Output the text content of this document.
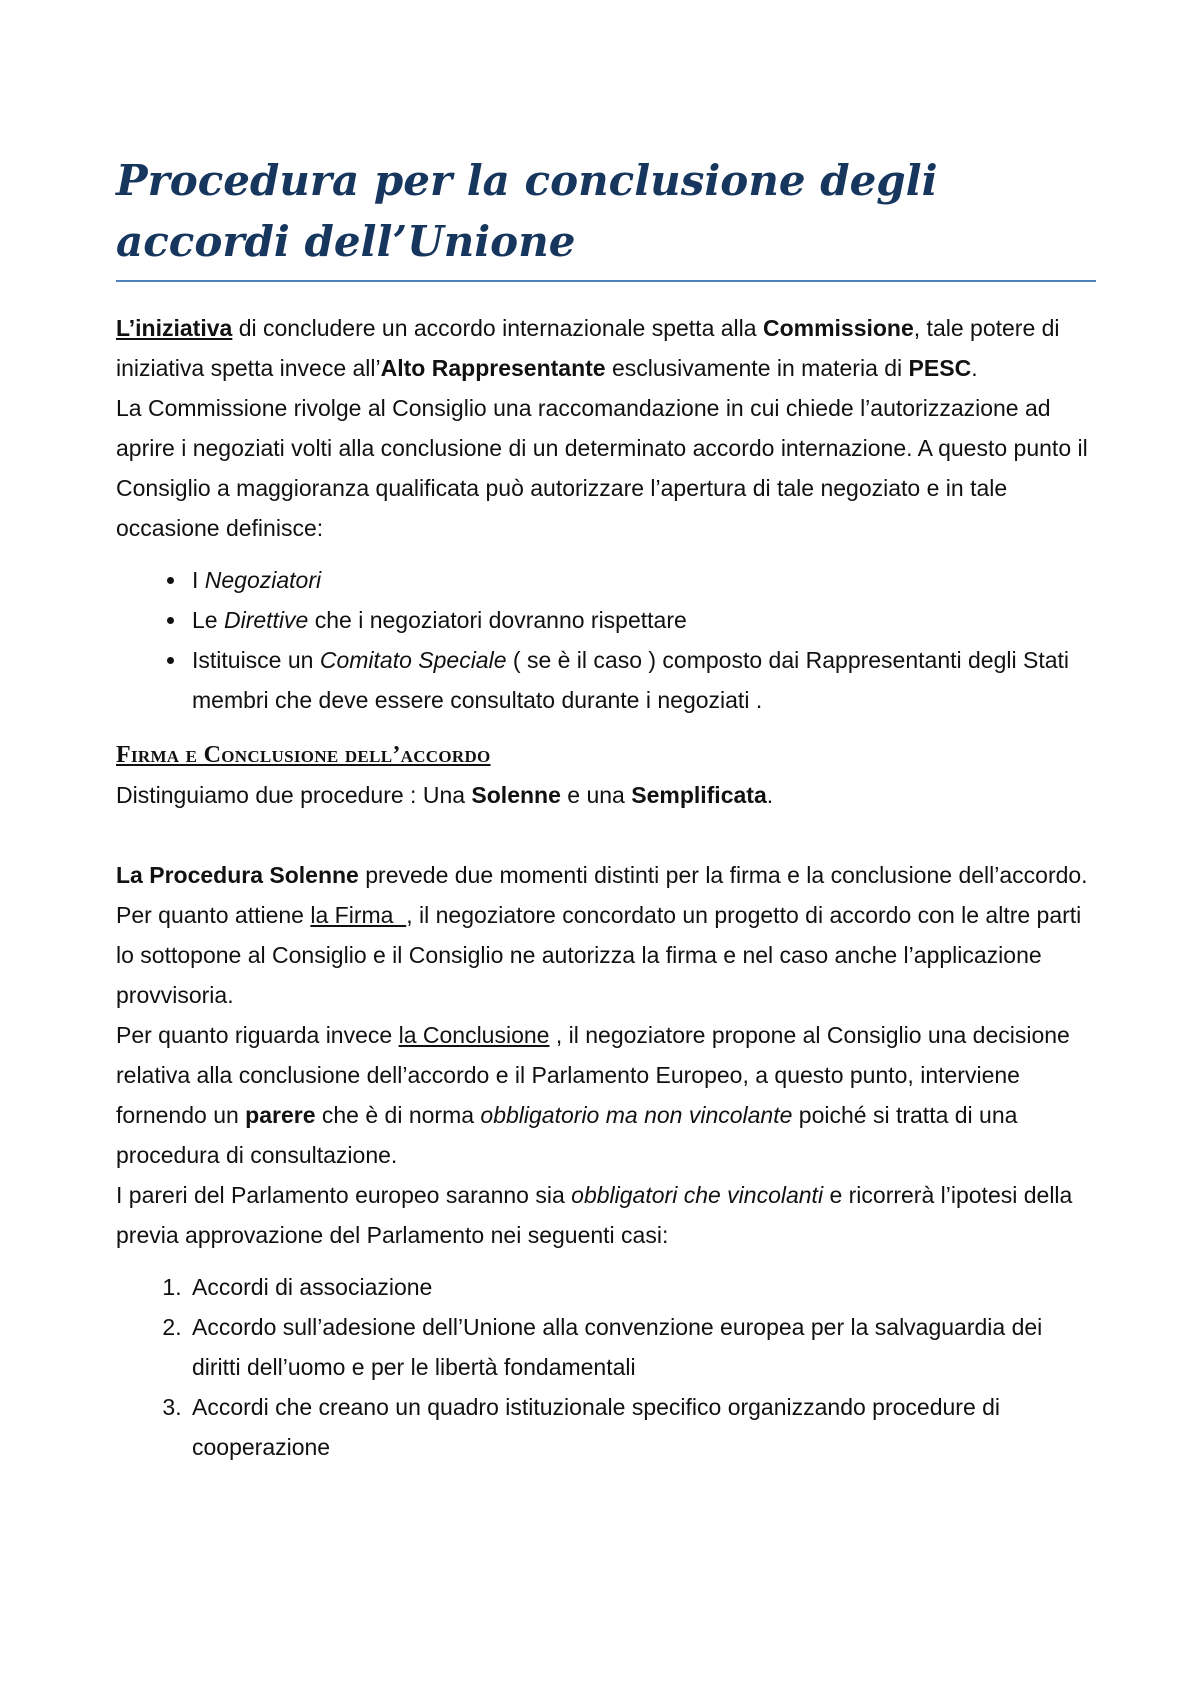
Procedura per la conclusione degli accordi dell’Unione

L’iniziativa di concludere un accordo internazionale spetta alla Commissione, tale potere di iniziativa spetta invece all’Alto Rappresentante esclusivamente in materia di PESC.

La Commissione rivolge al Consiglio una raccomandazione in cui chiede l’autorizzazione ad aprire i negoziati volti alla conclusione di un determinato accordo internazione. A questo punto il Consiglio a maggioranza qualificata può autorizzare l’apertura di tale negoziato e in tale occasione definisce:

• I Negoziatori
• Le Direttive che i negoziatori dovranno rispettare
• Istituisce un Comitato Speciale ( se è il caso ) composto dai Rappresentanti degli Stati membri che deve essere consultato durante i negoziati .

Firma e Conclusione dell’accordo

Distinguiamo due procedure : Una Solenne e una Semplificata.

La Procedura Solenne prevede due momenti distinti per la firma e la conclusione dell’accordo.

Per quanto attiene la Firma  , il negoziatore concordato un progetto di accordo con le altre parti lo sottopone al Consiglio e il Consiglio ne autorizza la firma e nel caso anche l’applicazione provvisoria.

Per quanto riguarda invece la Conclusione , il negoziatore propone al Consiglio una decisione relativa alla conclusione dell’accordo e il Parlamento Europeo, a questo punto, interviene fornendo un parere che è di norma obbligatorio ma non vincolante poiché si tratta di una procedura di consultazione.

I pareri del Parlamento europeo saranno sia obbligatori che vincolanti e ricorrerà l’ipotesi della previa approvazione del Parlamento nei seguenti casi:

1. Accordi di associazione
2. Accordo sull’adesione dell’Unione alla convenzione europea per la salvaguardia dei diritti dell’uomo e per le libertà fondamentali
3. Accordi che creano un quadro istituzionale specifico organizzando procedure di cooperazione
